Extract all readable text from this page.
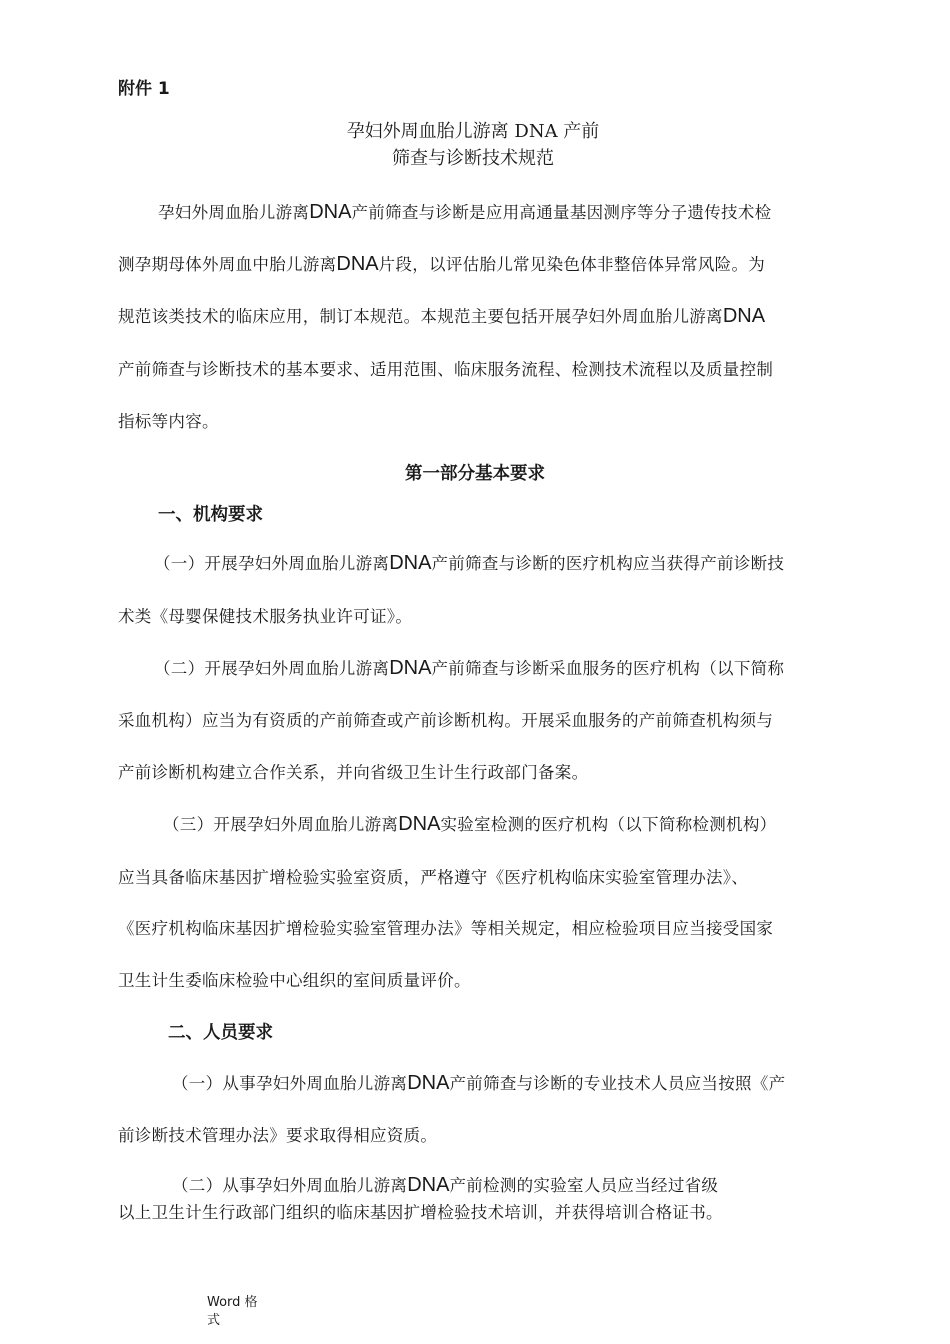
附件 1
孕妇外周血胎儿游离 DNA 产前
筛查与诊断技术规范
孕妇外周血胎儿游离DNA产前筛查与诊断是应用高通量基因测序等分子遗传技术检
测孕期母体外周血中胎儿游离DNA片段，以评估胎儿常见染色体非整倍体异常风险。为
规范该类技术的临床应用，制订本规范。本规范主要包括开展孕妇外周血胎儿游离DNA
产前筛查与诊断技术的基本要求、适用范围、临床服务流程、检测技术流程以及质量控制
指标等内容。
第一部分基本要求
一、机构要求
（一）开展孕妇外周血胎儿游离DNA产前筛查与诊断的医疗机构应当获得产前诊断技
术类《母婴保健技术服务执业许可证》。
（二）开展孕妇外周血胎儿游离DNA产前筛查与诊断采血服务的医疗机构（以下简称
采血机构）应当为有资质的产前筛查或产前诊断机构。开展采血服务的产前筛查机构须与
产前诊断机构建立合作关系，并向省级卫生计生行政部门备案。
（三）开展孕妇外周血胎儿游离DNA实验室检测的医疗机构（以下简称检测机构）
应当具备临床基因扩增检验实验室资质，严格遵守《医疗机构临床实验室管理办法》、
《医疗机构临床基因扩增检验实验室管理办法》等相关规定，相应检验项目应当接受国家
卫生计生委临床检验中心组织的室间质量评价。
二、人员要求
（一）从事孕妇外周血胎儿游离DNA产前筛查与诊断的专业技术人员应当按照《产
前诊断技术管理办法》要求取得相应资质。
（二）从事孕妇外周血胎儿游离DNA产前检测的实验室人员应当经过省级
以上卫生计生行政部门组织的临床基因扩增检验技术培训，并获得培训合格证书。
Word 格式
